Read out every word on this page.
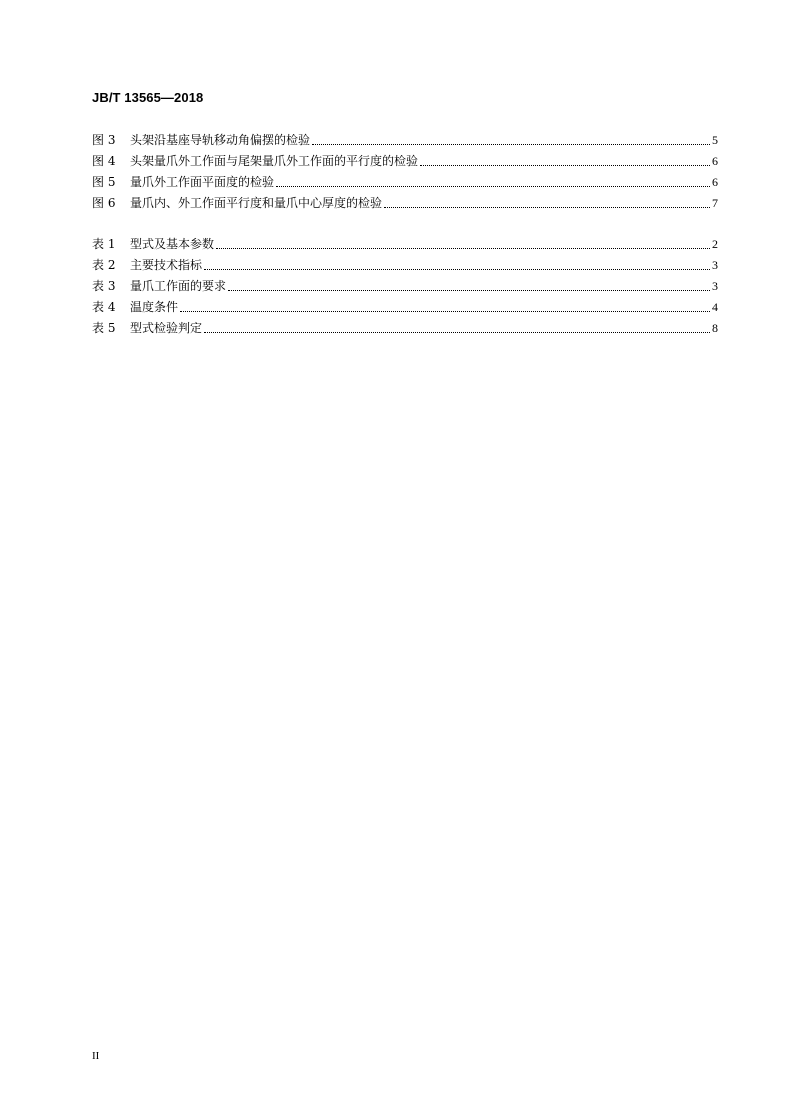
JB/T 13565—2018
图 3	头架沿基座导轨移动角偏摆的检验	5
图 4	头架量爪外工作面与尾架量爪外工作面的平行度的检验	6
图 5	量爪外工作面平面度的检验	6
图 6	量爪内、外工作面平行度和量爪中心厚度的检验	7
表 1	型式及基本参数	2
表 2	主要技术指标	3
表 3	量爪工作面的要求	3
表 4	温度条件	4
表 5	型式检验判定	8
II
